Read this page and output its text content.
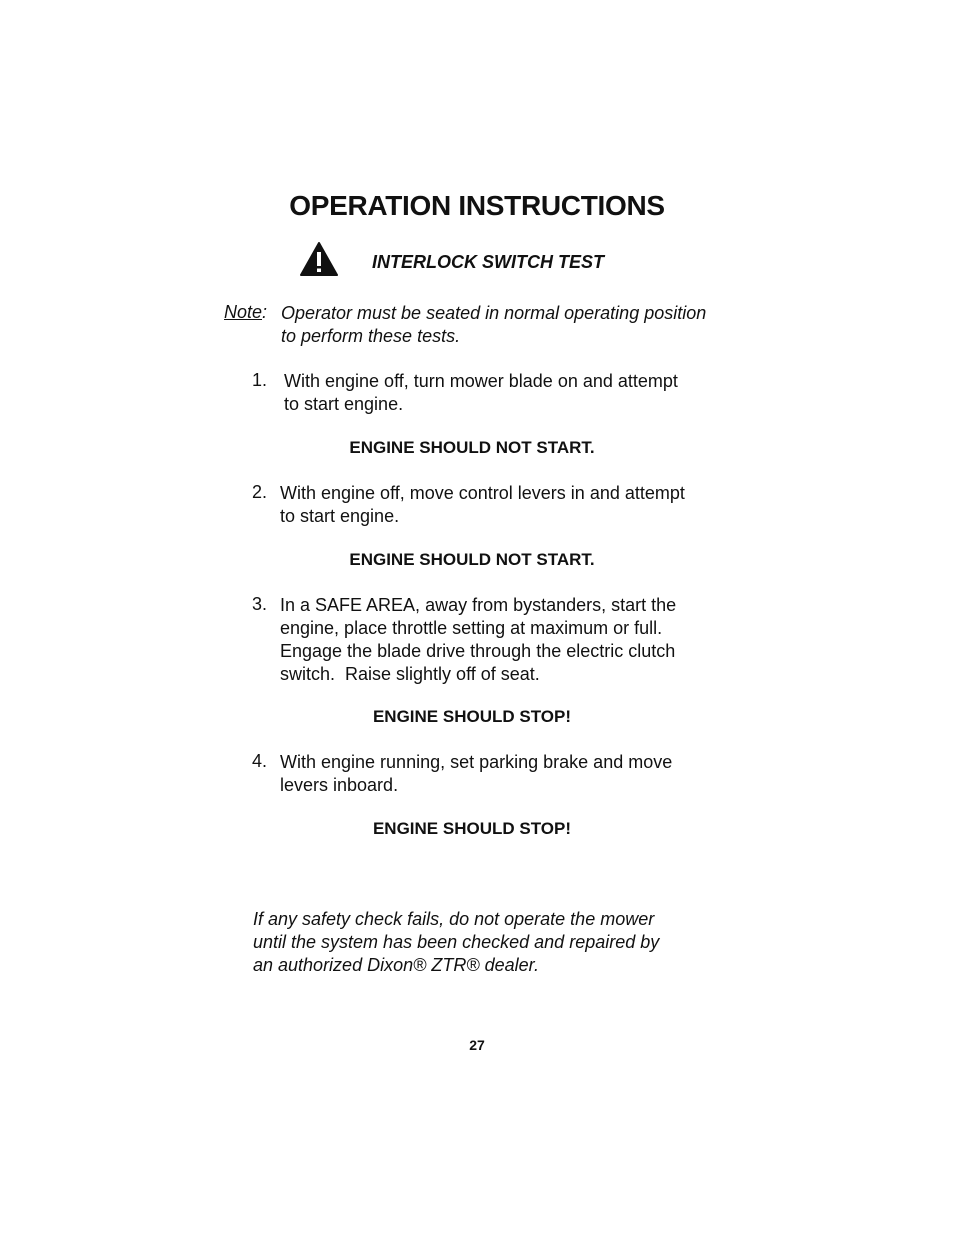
OPERATION INSTRUCTIONS
INTERLOCK SWITCH TEST
Note: Operator must be seated in normal operating position
to perform these tests.
1. With engine off, turn mower blade on and attempt
to start engine.
ENGINE SHOULD NOT START.
2. With engine off, move control levers in and attempt
to start engine.
ENGINE SHOULD NOT START.
3. In a SAFE AREA, away from bystanders, start the
engine, place throttle setting at maximum or full.
Engage the blade drive through the electric clutch
switch.  Raise slightly off of seat.
ENGINE SHOULD STOP!
4. With engine running, set parking brake and move
levers inboard.
ENGINE SHOULD STOP!
If any safety check fails, do not operate the mower
until the system has been checked and repaired by
an authorized Dixon® ZTR® dealer.
27
